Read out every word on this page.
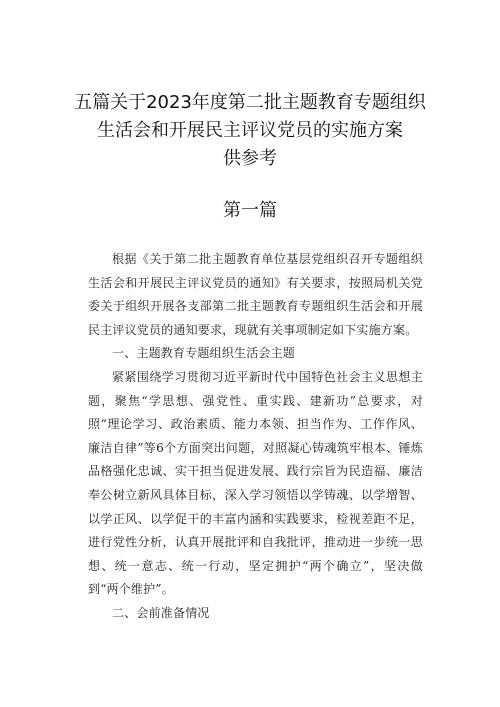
五篇关于2023年度第二批主题教育专题组织
生活会和开展民主评议党员的实施方案
供参考
第一篇

根据《关于第二批主题教育单位基层党组织召开专题组织生活会和开展民主评议党员的通知》有关要求，按照局机关党委关于组织开展各支部第二批主题教育专题组织生活会和开展民主评议党员的通知要求，现就有关事项制定如下实施方案。

一、主题教育专题组织生活会主题

紧紧围绕学习贯彻习近平新时代中国特色社会主义思想主题，聚焦“学思想、强党性、重实践、建新功”总要求，对照“理论学习、政治素质、能力本领、担当作为、工作作风、廉洁自律”等6个方面突出问题，对照凝心铸魂筑牢根本、锤炼品格强化忠诚、实干担当促进发展、践行宗旨为民造福、廉洁奉公树立新风具体目标，深入学习领悟以学铸魂、以学增智、以学正风、以学促干的丰富内涵和实践要求，检视差距不足，进行党性分析，认真开展批评和自我批评，推动进一步统一思想、统一意志、统一行动，坚定拥护“两个确立”，坚决做到“两个维护”。

二、会前准备情况
